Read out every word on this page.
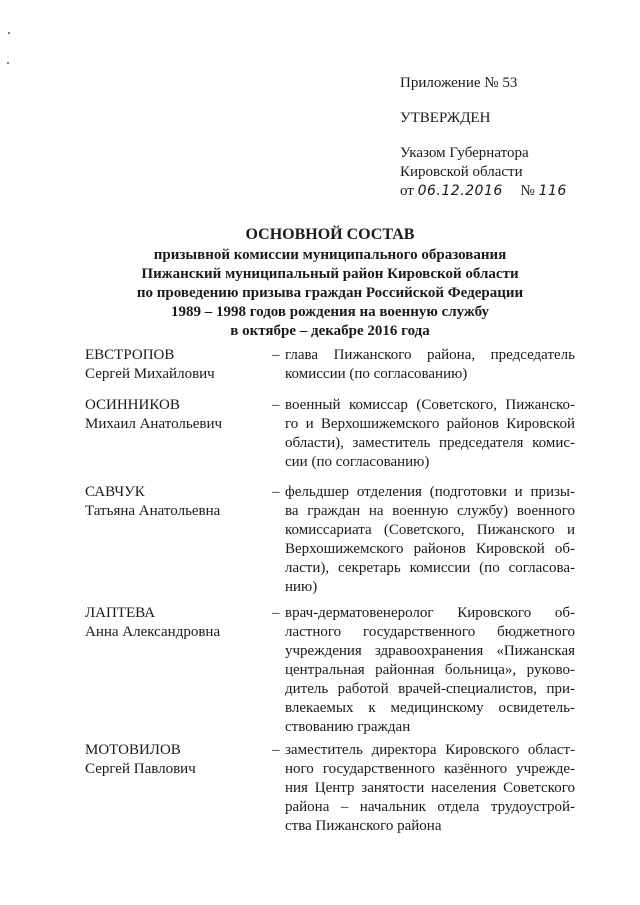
Приложение № 53
УТВЕРЖДЕН
Указом Губернатора
Кировской области
от 06.12.2016 № 116
ОСНОВНОЙ СОСТАВ
призывной комиссии муниципального образования
Пижанский муниципальный район Кировской области
по проведению призыва граждан Российской Федерации
1989 – 1998 годов рождения на военную службу
в октябре – декабре 2016 года
ЕВСТРОПОВ
Сергей Михайлович
– глава Пижанского района, председатель
комиссии (по согласованию)
ОСИННИКОВ
Михаил Анатольевич
– военный комиссар (Советского, Пижанско-
го и Верхошижемского районов Кировской
области), заместитель председателя комис-
сии (по согласованию)
САВЧУК
Татьяна Анатольевна
– фельдшер отделения (подготовки и призы-
ва граждан на военную службу) военного
комиссариата (Советского, Пижанского и
Верхошижемского районов Кировской об-
ласти), секретарь комиссии (по согласова-
нию)
ЛАПТЕВА
Анна Александровна
– врач-дерматовенеролог Кировского об-
ластного государственного бюджетного
учреждения здравоохранения «Пижанская
центральная районная больница», руково-
дитель работой врачей-специалистов, при-
влекаемых к медицинскому освидетель-
ствованию граждан
МОТОВИЛОВ
Сергей Павлович
– заместитель директора Кировского област-
ного государственного казённого учрежде-
ния Центр занятости населения Советского
района – начальник отдела трудоустрой-
ства Пижанского района
